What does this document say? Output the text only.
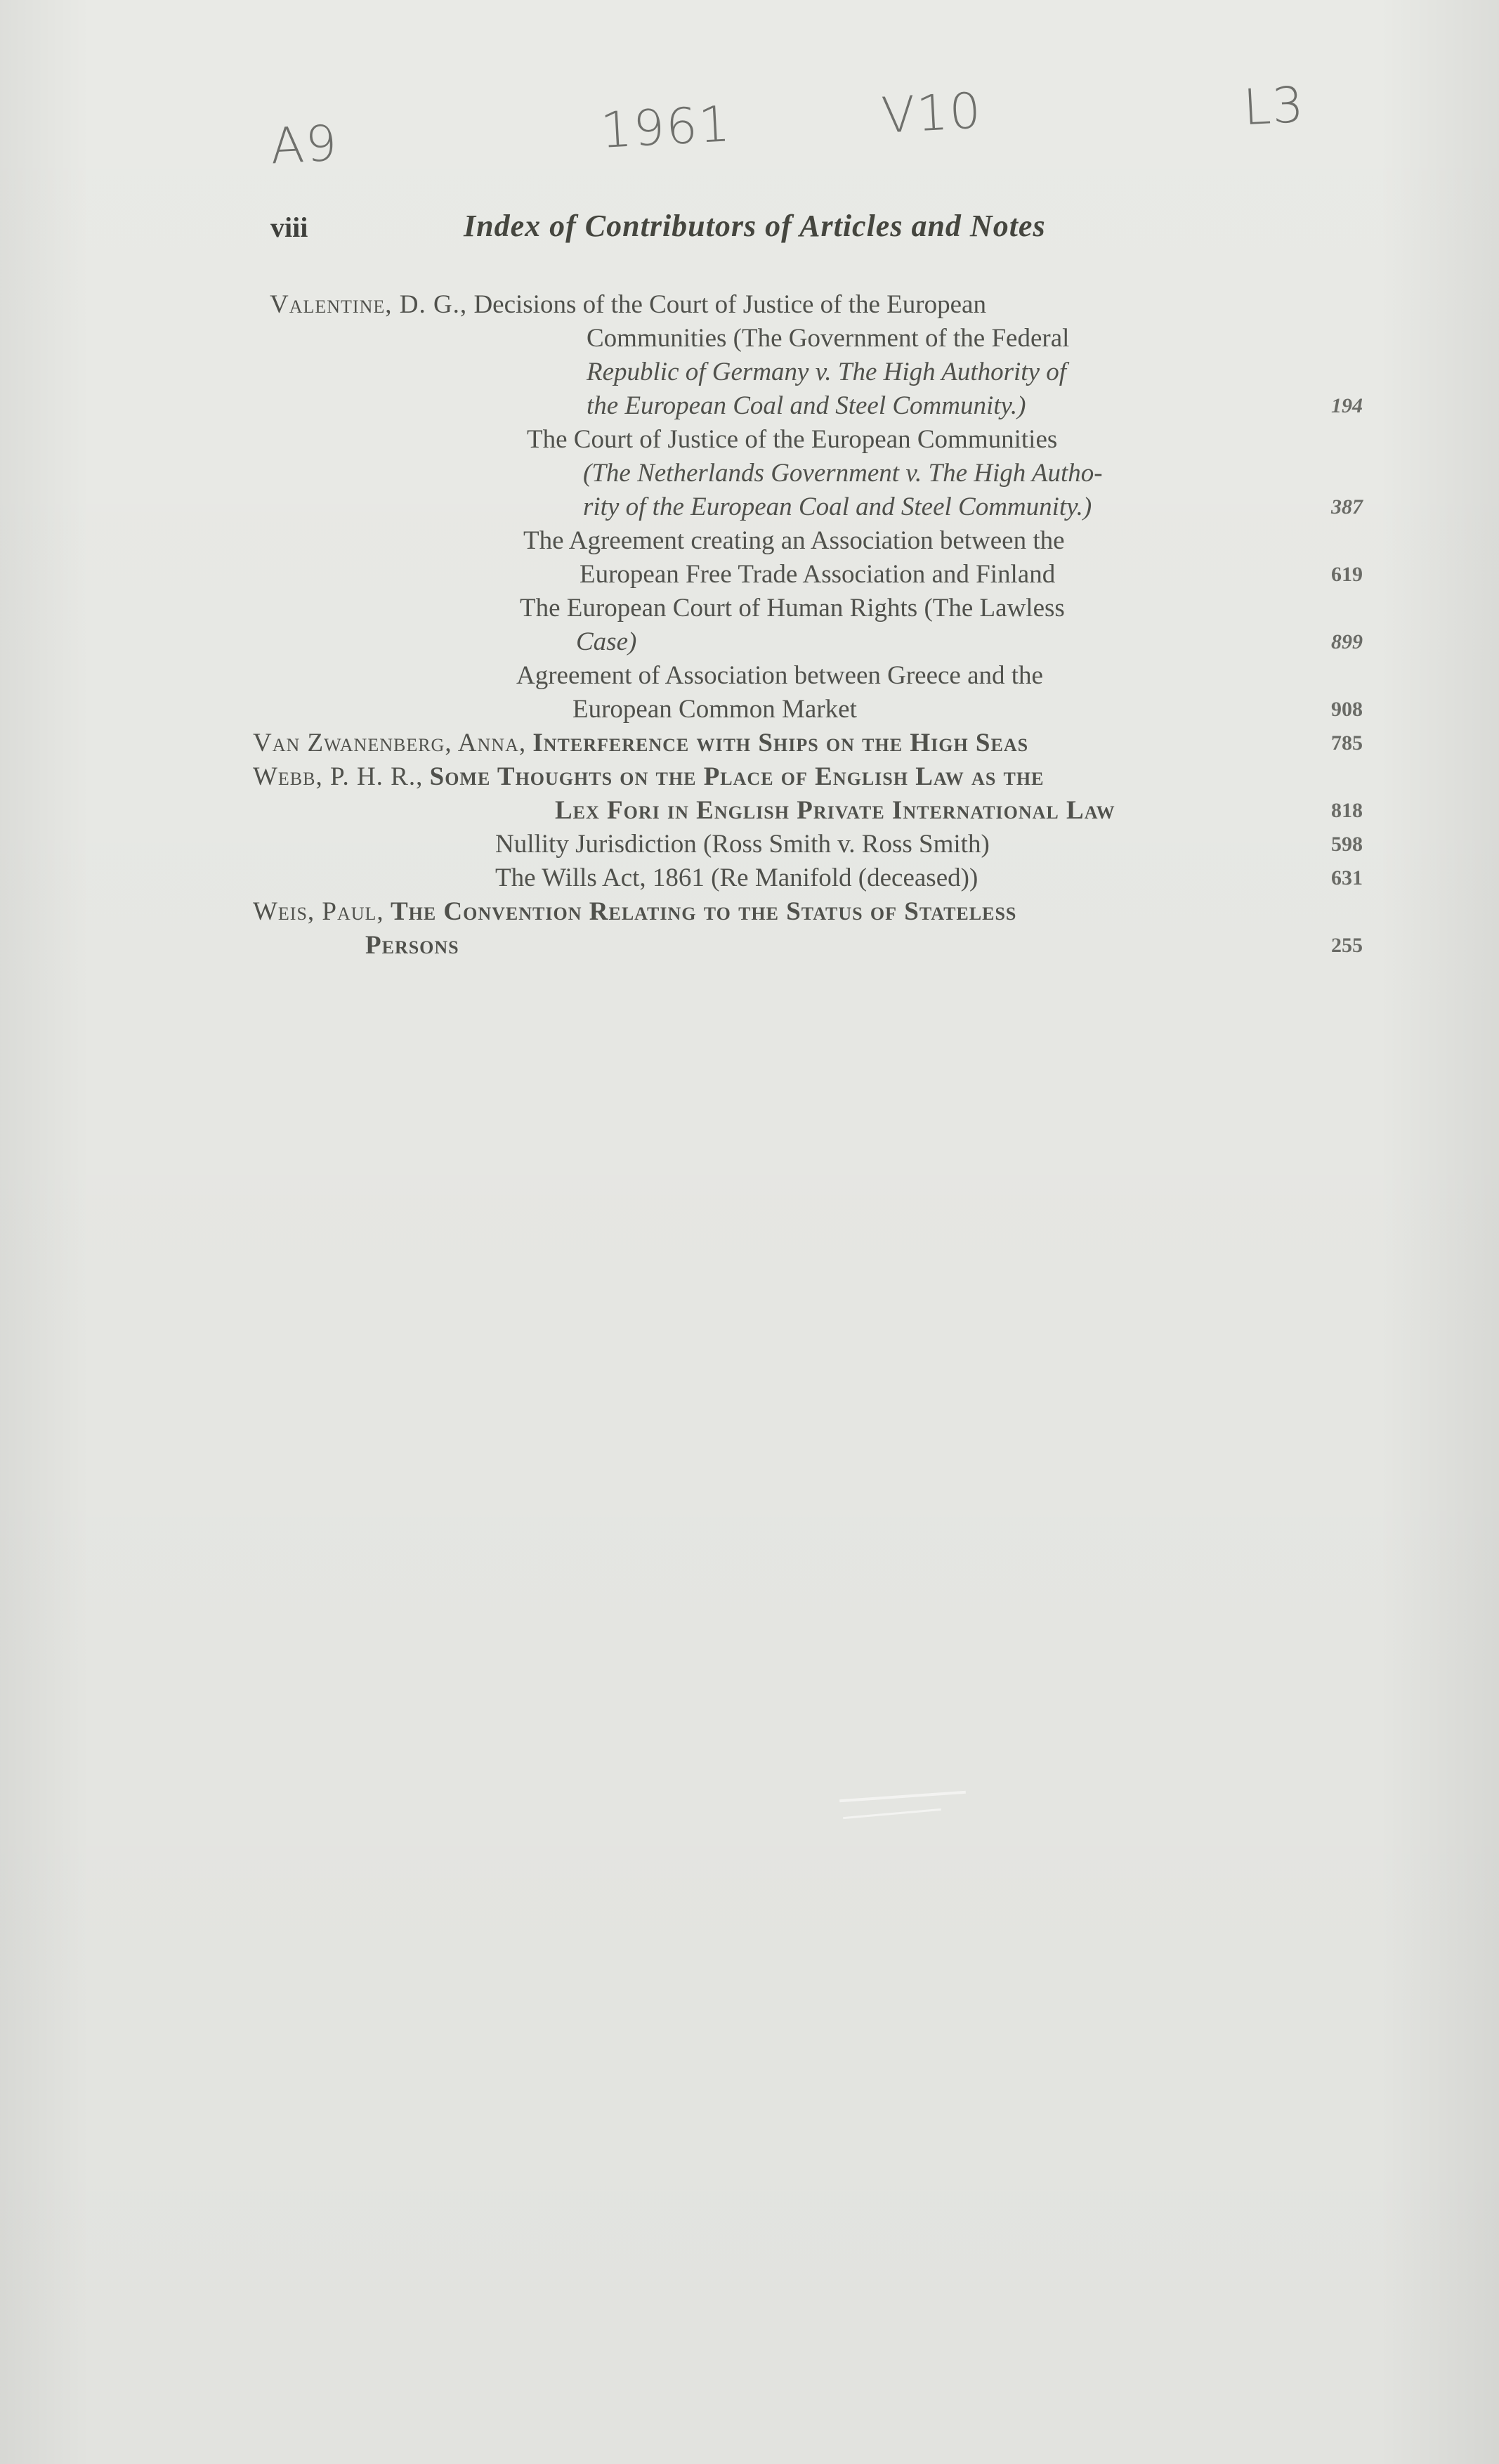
A9	1961	V10	L3
viii	Index of Contributors of Articles and Notes
Valentine, D. G., Decisions of the Court of Justice of the European
Communities (The Government of the Federal
Republic of Germany v. The High Authority of
the European Coal and Steel Community.)	194
The Court of Justice of the European Communities
(The Netherlands Government v. The High Autho-
rity of the European Coal and Steel Community.)	387
The Agreement creating an Association between the
European Free Trade Association and Finland	619
The European Court of Human Rights (The Lawless
Case)	899
Agreement of Association between Greece and the
European Common Market	908
Van Zwanenberg, Anna, Interference with Ships on the High Seas	785
Webb, P. H. R., Some Thoughts on the Place of English Law as the
Lex Fori in English Private International Law	818
Nullity Jurisdiction (Ross Smith v. Ross Smith)	598
The Wills Act, 1861 (Re Manifold (deceased))	631
Weis, Paul, The Convention Relating to the Status of Stateless
Persons	255
